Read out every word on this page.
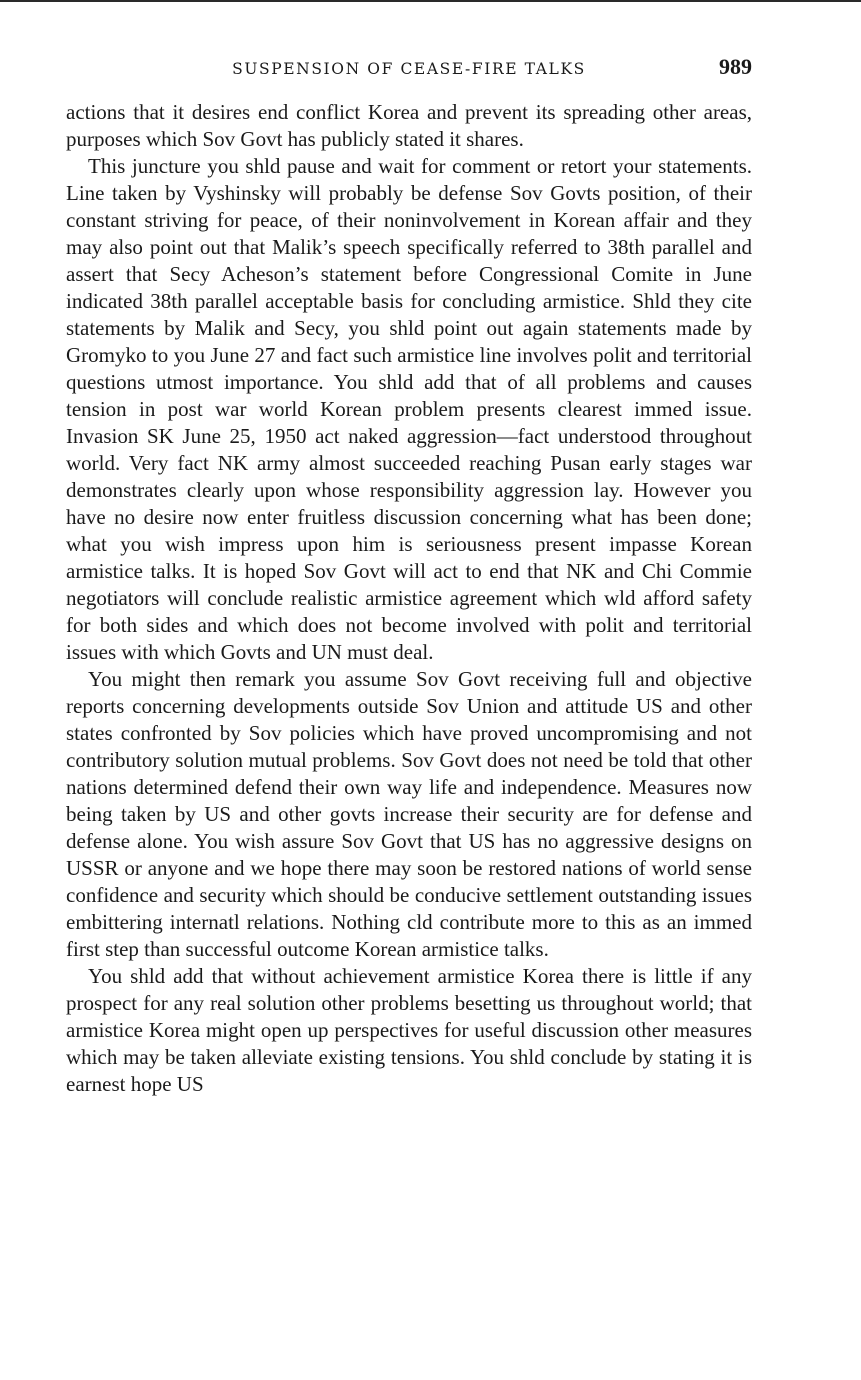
SUSPENSION OF CEASE-FIRE TALKS	989

actions that it desires end conflict Korea and prevent its spreading other areas, purposes which Sov Govt has publicly stated it shares.

This juncture you shld pause and wait for comment or retort your statements. Line taken by Vyshinsky will probably be defense Sov Govts position, of their constant striving for peace, of their noninvolvement in Korean affair and they may also point out that Malik’s speech specifically referred to 38th parallel and assert that Secy Acheson’s statement before Congressional Comite in June indicated 38th parallel acceptable basis for concluding armistice. Shld they cite statements by Malik and Secy, you shld point out again statements made by Gromyko to you June 27 and fact such armistice line involves polit and territorial questions utmost importance. You shld add that of all problems and causes tension in post war world Korean problem presents clearest immed issue. Invasion SK June 25, 1950 act naked aggression—fact understood throughout world. Very fact NK army almost succeeded reaching Pusan early stages war demonstrates clearly upon whose responsibility aggression lay. However you have no desire now enter fruitless discussion concerning what has been done; what you wish impress upon him is seriousness present impasse Korean armistice talks. It is hoped Sov Govt will act to end that NK and Chi Commie negotiators will conclude realistic armistice agreement which wld afford safety for both sides and which does not become involved with polit and territorial issues with which Govts and UN must deal.

You might then remark you assume Sov Govt receiving full and objective reports concerning developments outside Sov Union and attitude US and other states confronted by Sov policies which have proved uncompromising and not contributory solution mutual problems. Sov Govt does not need be told that other nations determined defend their own way life and independence. Measures now being taken by US and other govts increase their security are for defense and defense alone. You wish assure Sov Govt that US has no aggressive designs on USSR or anyone and we hope there may soon be restored nations of world sense confidence and security which should be conducive settlement outstanding issues embittering internatl relations. Nothing cld contribute more to this as an immed first step than successful outcome Korean armistice talks.

You shld add that without achievement armistice Korea there is little if any prospect for any real solution other problems besetting us throughout world; that armistice Korea might open up perspectives for useful discussion other measures which may be taken alleviate existing tensions. You shld conclude by stating it is earnest hope US
